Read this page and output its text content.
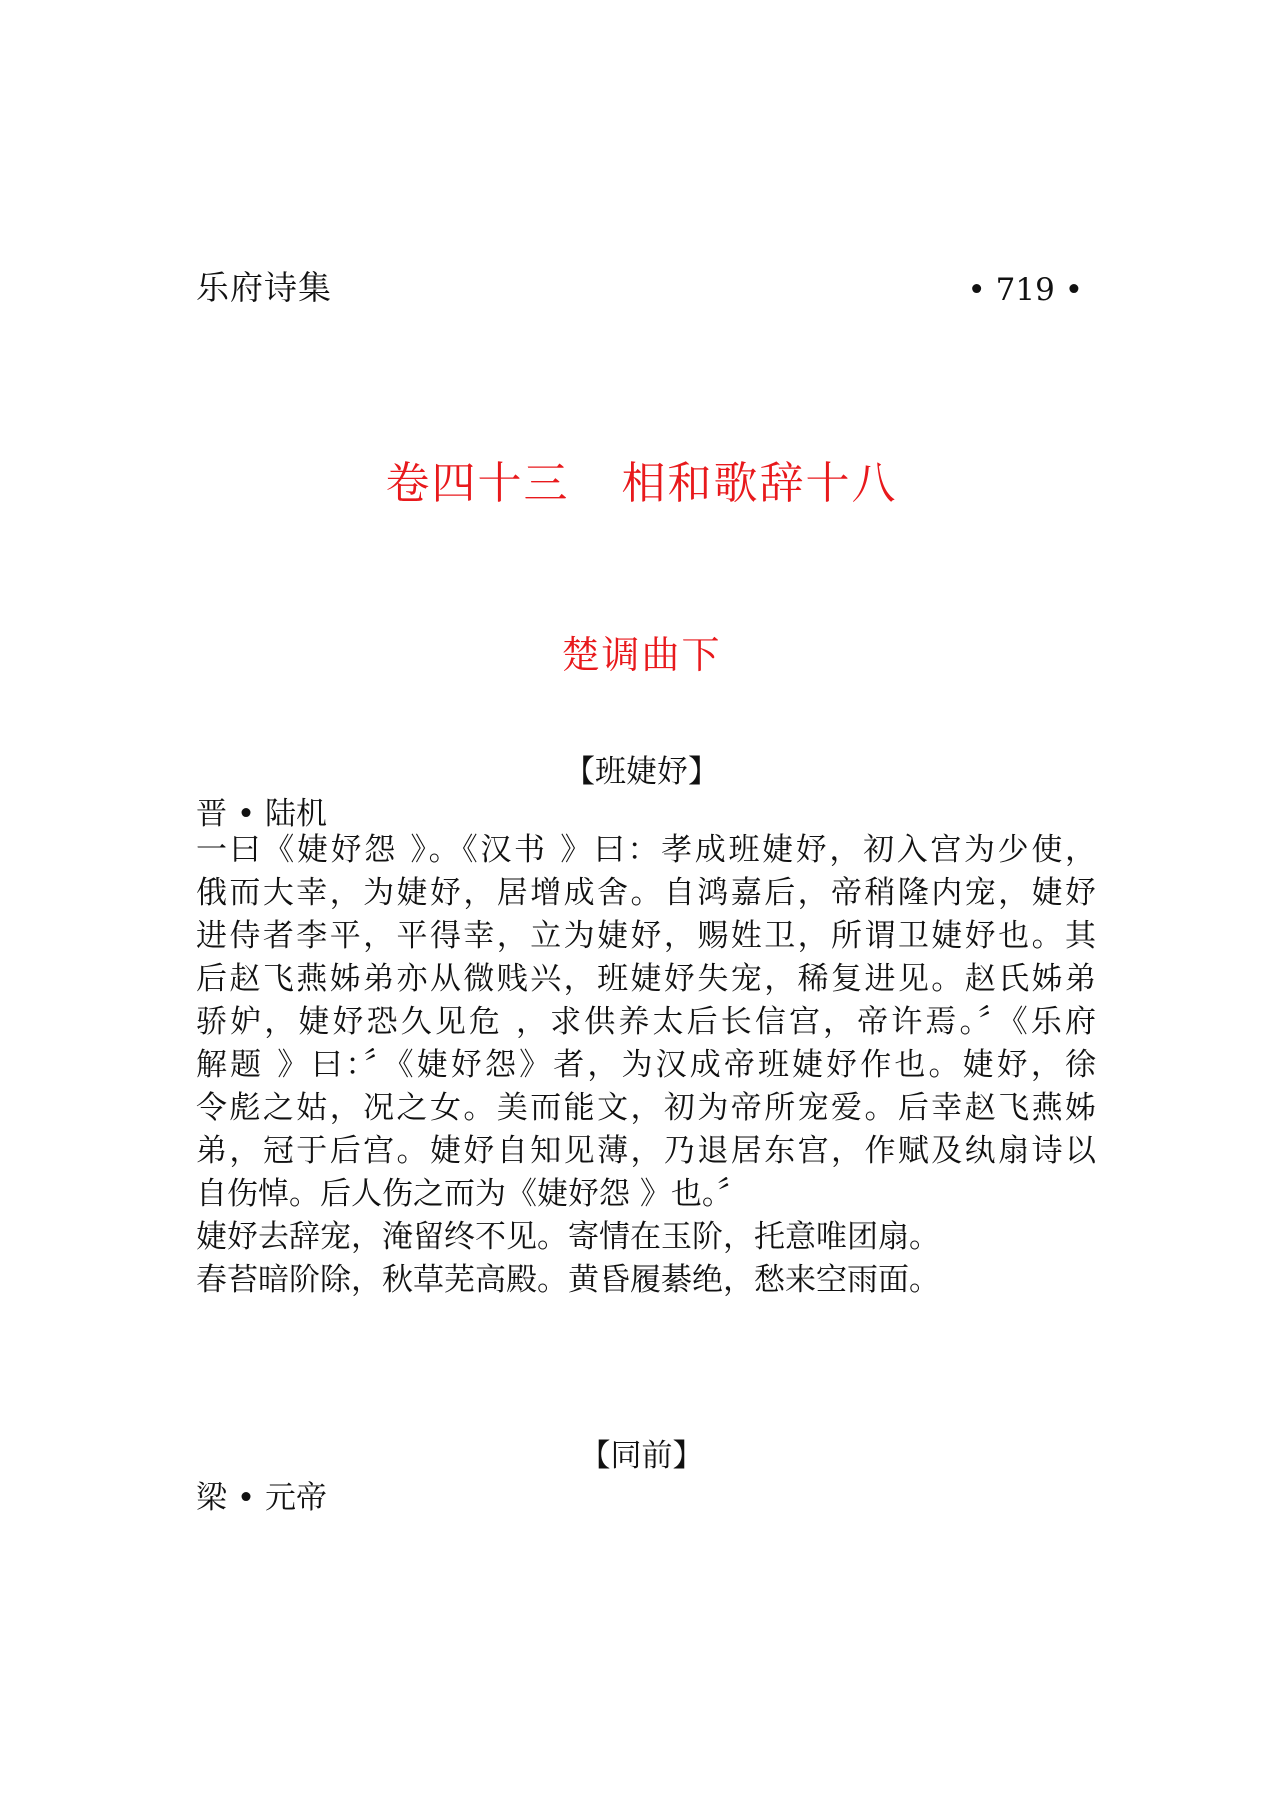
乐府诗集	• 719 •
卷四十三 相和歌辞十八
楚调曲下
【班婕妤】
晋 • 陆机
一曰《婕妤怨 》。《汉书 》曰：孝成班婕妤，初入宫为少使，
俄而大幸，为婕妤，居增成舍。自鸿嘉后，帝稍隆内宠，婕妤
进侍者李平，平得幸，立为婕妤，赐姓卫，所谓卫婕妤也。其
后赵飞燕姊弟亦从微贱兴，班婕妤失宠，稀复进见。赵氏姊弟
骄妒，婕妤恐久见危 ，求供养太后长信宫，帝许焉。〞《乐府
解题 》曰：〞《婕妤怨》者，为汉成帝班婕妤作也。婕妤，徐
令彪之姑，况之女。美而能文，初为帝所宠爱。后幸赵飞燕姊
弟，冠于后宫。婕妤自知见薄，乃退居东宫，作赋及纨扇诗以
自伤悼。后人伤之而为《婕妤怨 》也。〞
婕妤去辞宠，淹留终不见。寄情在玉阶，托意唯团扇。
春苔暗阶除，秋草芜高殿。黄昏履綦绝，愁来空雨面。
【同前】
梁 • 元帝
